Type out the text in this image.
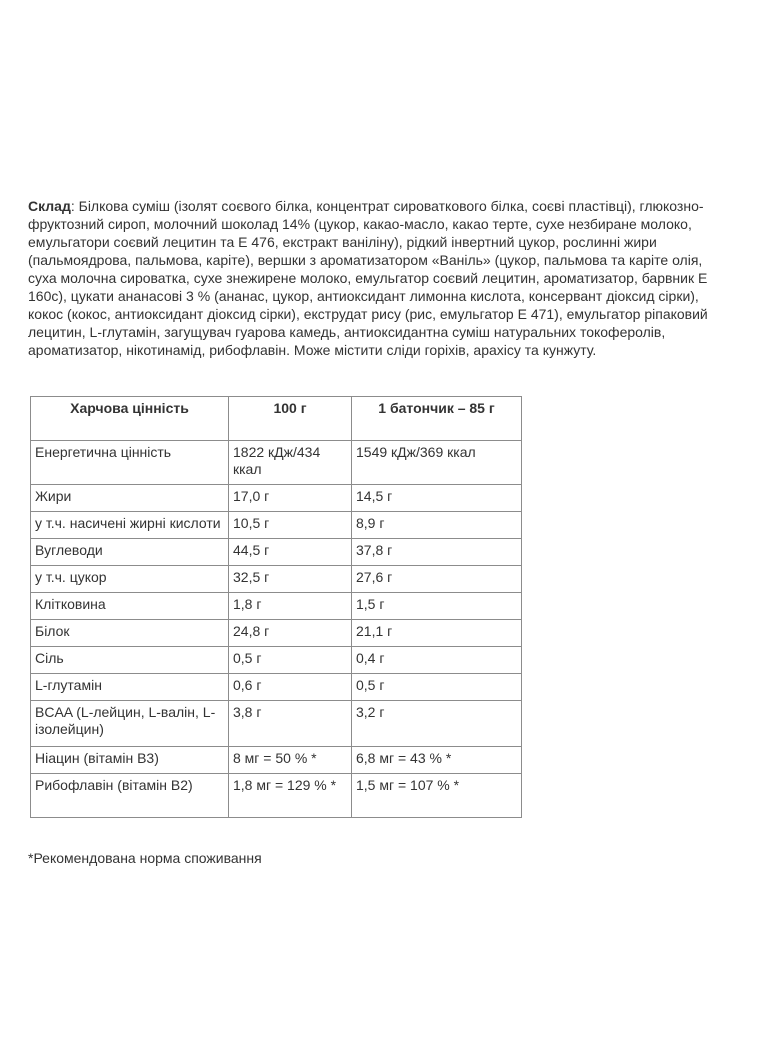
Склад: Білкова суміш (ізолят соєвого білка, концентрат сироваткового білка, соєві пластівці), глюкозно-фруктозний сироп, молочний шоколад 14% (цукор, какао-масло, какао терте, сухе незбиране молоко, емульгатори соєвий лецитин та Е 476, екстракт ваніліну), рідкий інвертний цукор, рослинні жири (пальмоядрова, пальмова, каріте), вершки з ароматизатором «Ваніль» (цукор, пальмова та каріте олія, суха молочна сироватка, сухе знежирене молоко, емульгатор соєвий лецитин, ароматизатор, барвник Е 160с), цукати ананасові 3 % (ананас, цукор, антиоксидант лимонна кислота, консервант діоксид сірки), кокос (кокос, антиоксидант діоксид сірки), екструдат рису (рис, емульгатор Е 471), емульгатор ріпаковий лецитин, L-глутамін, загущувач гуарова камедь, антиоксидантна суміш натуральних токоферолів, ароматизатор, нікотинамід, рибофлавін. Може містити сліди горіхів, арахісу та кунжуту.

Харчова цінність	100 г	1 батончик – 85 г
Енергетична цінність	1822 кДж/434 ккал	1549 кДж/369 ккал
Жири	17,0 г	14,5 г
у т.ч. насичені жирні кислоти	10,5 г	8,9 г
Вуглеводи	44,5 г	37,8 г
у т.ч. цукор	32,5 г	27,6 г
Клітковина	1,8 г	1,5 г
Білок	24,8 г	21,1 г
Сіль	0,5 г	0,4 г
L-глутамін	0,6 г	0,5 г
BCAA (L-лейцин, L-валін, L-ізолейцин)	3,8 г	3,2 г
Ніацин (вітамін В3)	8 мг = 50 % *	6,8 мг = 43 % *
Рибофлавін (вітамін В2)	1,8 мг = 129 % *	1,5 мг = 107 % *

*Рекомендована норма споживання
